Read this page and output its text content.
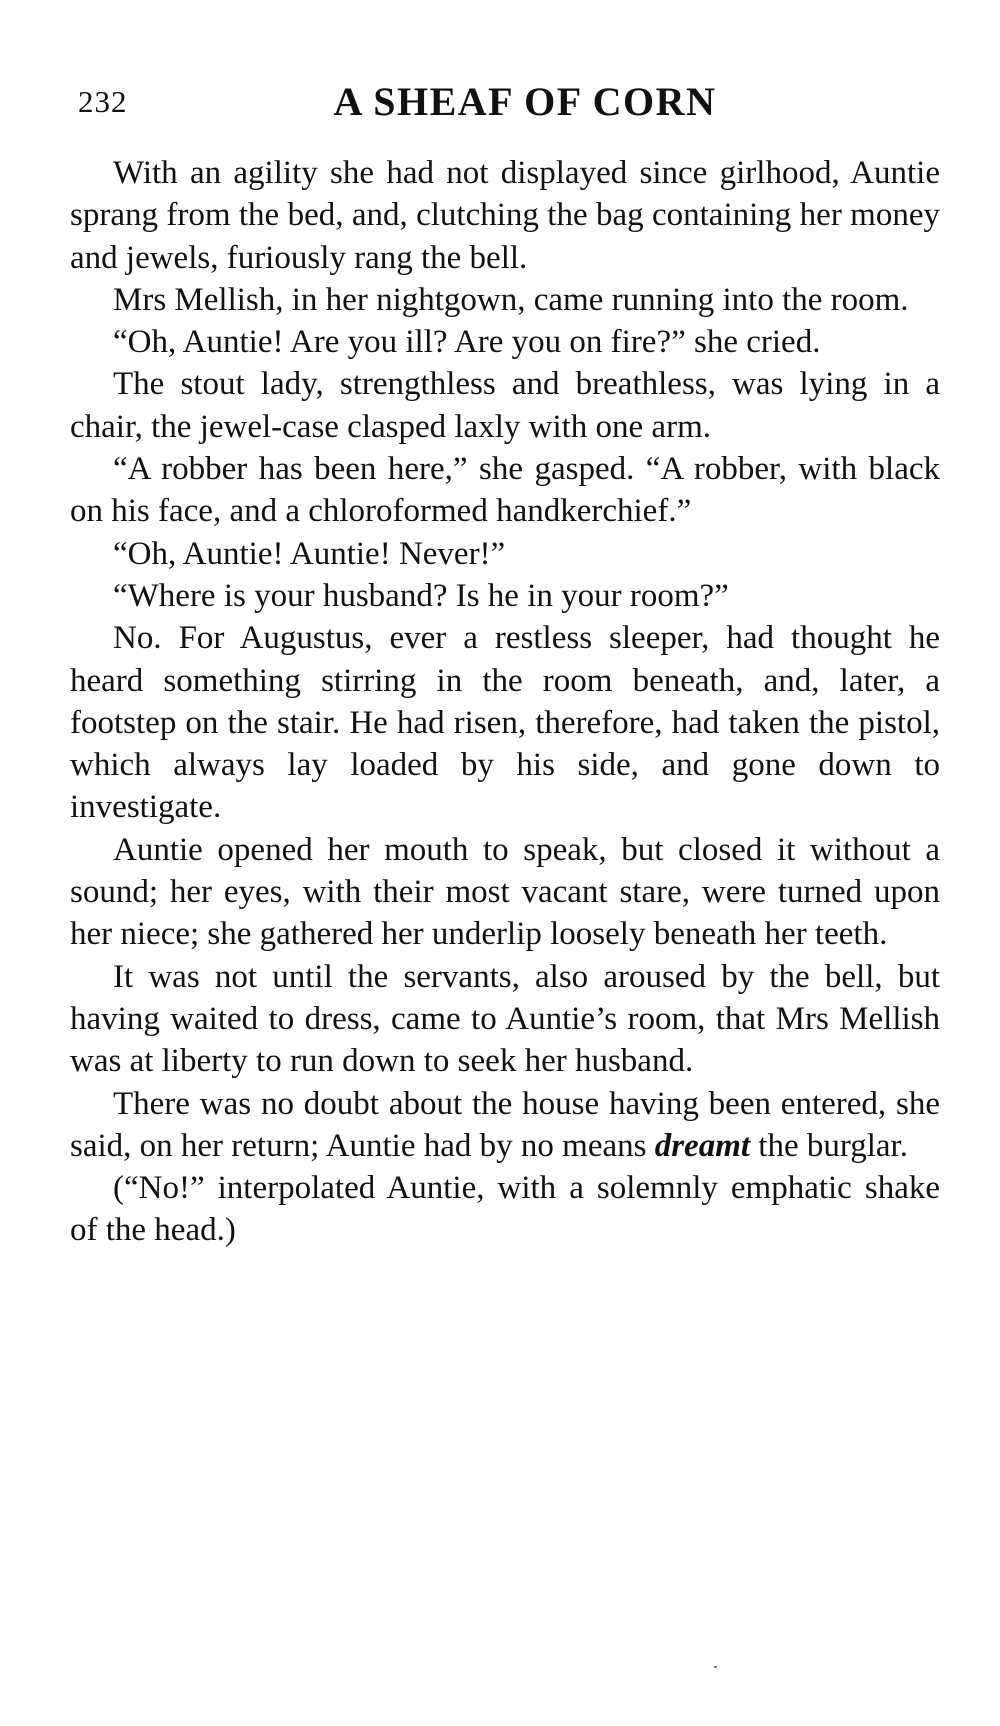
232	A SHEAF OF CORN

With an agility she had not displayed since girlhood, Auntie sprang from the bed, and, clutching the bag containing her money and jewels, furiously rang the bell.

Mrs Mellish, in her nightgown, came running into the room.

“Oh, Auntie! Are you ill? Are you on fire?” she cried.

The stout lady, strengthless and breathless, was lying in a chair, the jewel-case clasped laxly with one arm.

“A robber has been here,” she gasped. “A robber, with black on his face, and a chloroformed handkerchief.”

“Oh, Auntie! Auntie! Never!”

“Where is your husband? Is he in your room?”

No. For Augustus, ever a restless sleeper, had thought he heard something stirring in the room beneath, and, later, a footstep on the stair. He had risen, therefore, had taken the pistol, which always lay loaded by his side, and gone down to investigate.

Auntie opened her mouth to speak, but closed it without a sound; her eyes, with their most vacant stare, were turned upon her niece; she gathered her underlip loosely beneath her teeth.

It was not until the servants, also aroused by the bell, but having waited to dress, came to Auntie’s room, that Mrs Mellish was at liberty to run down to seek her husband.

There was no doubt about the house having been entered, she said, on her return; Auntie had by no means dreamt the burglar.

(“No!” interpolated Auntie, with a solemnly emphatic shake of the head.)
